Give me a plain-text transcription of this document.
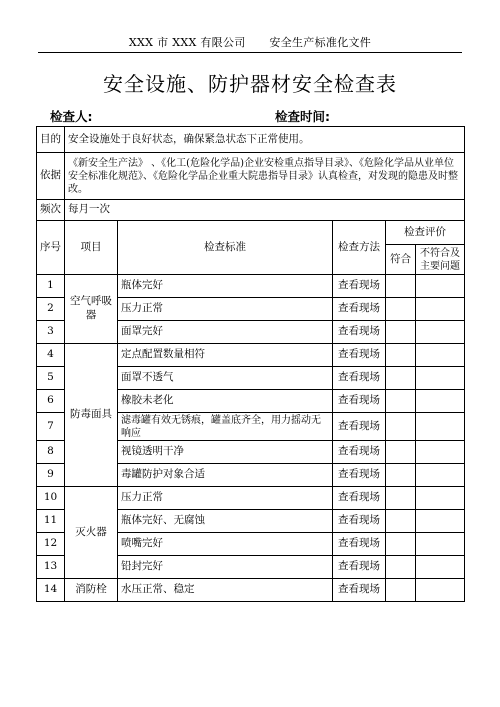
XXX 市 XXX 有限公司 安全生产标准化文件
安全设施、防护器材安全检查表
检查人:	检查时间:
目的	安全设施处于良好状态，确保紧急状态下正常使用。				
依据	《新安全生产法》 、《化工(危险化学品)企业安检重点指导目录》、《危险化学品从业单位安全标准化规范》、《危险化学品企业重大院患指导目录》认真检查，对发现的隐患及时整改。				
频次	每月一次				
序号	项目	检查标准	检查方法	检查评价	
				符合	不符合及主要问题
1	空气呼吸器	瓶体完好	查看现场		
2		压力正常	查看现场		
3		面罩完好	查看现场		
4	防毒面具	定点配置数量相符	查看现场		
5		面罩不透气	查看现场		
6		橡胶未老化	查看现场		
7		滤毒罐有效无锈痕，罐盖底齐全，用力摇动无响应	查看现场		
8		视镜透明干净	查看现场		
9		毒罐防护对象合适	查看现场		
10	灭火器	压力正常	查看现场		
11		瓶体完好、无腐蚀	查看现场		
12		喷嘴完好	查看现场		
13		铅封完好	查看现场		
14	消防栓	水压正常、稳定	查看现场		
